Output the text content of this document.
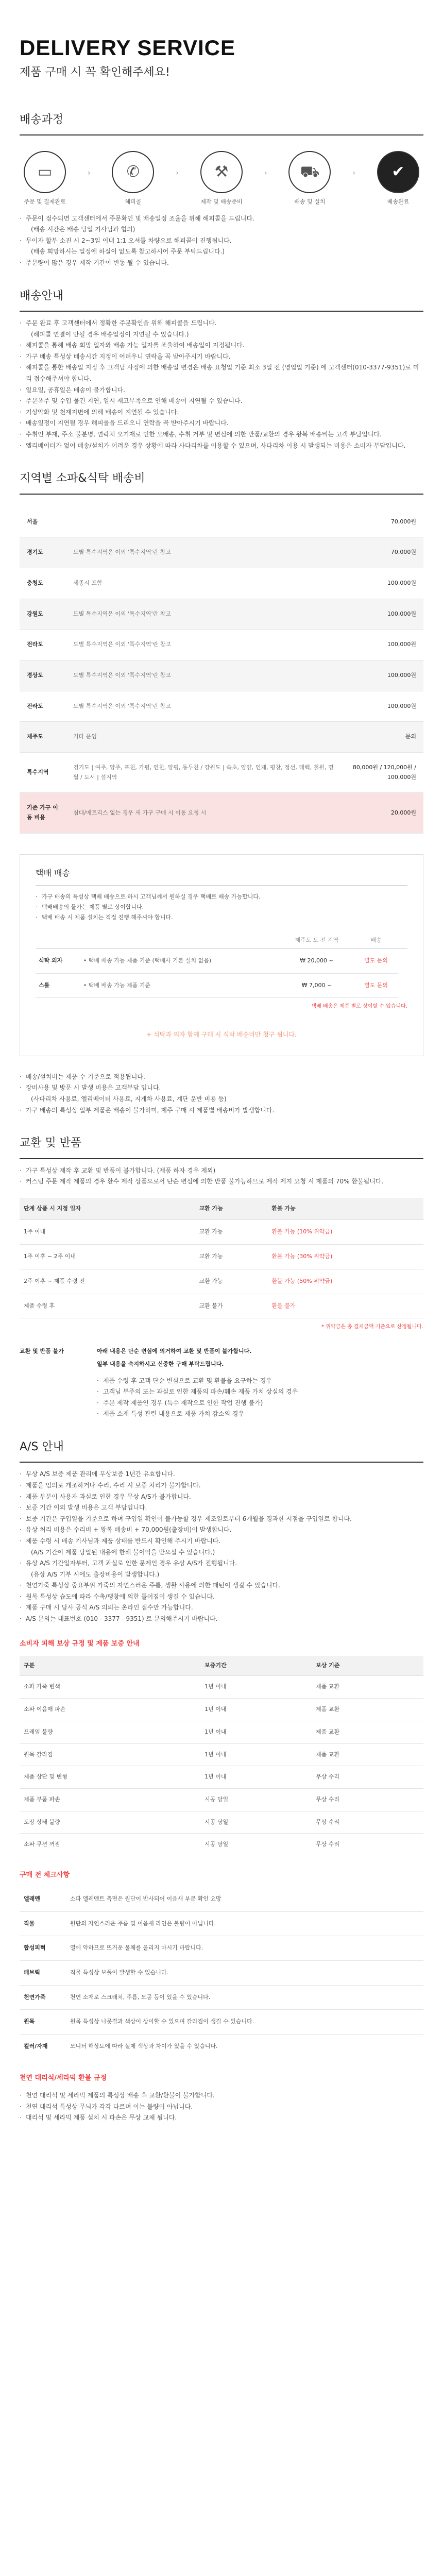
DELIVERY SERVICE
제품 구매 시 꼭 확인해주세요!
배송과정
▭
주문 및 결제완료
›	✆
해피콜
›	⚒
제작 및 배송준비
›	⛟
배송 및 설치
›	✔
배송완료
· 주문이 접수되면 고객센터에서 주문확인 및 배송일정 조율을 위해 해피콜을 드립니다.
(배송 시간은 배송 당일 기사님과 협의)
· 무이자 할부 소진 시 2~3일 이내 1:1 오셔틀 차량으로 해피콜이 진행됩니다.
(배송 희망하시는 일정에 하실이 없도록 참고하시어 주문 부탁드립니다.)
· 주문량이 많은 경우 제작 기간이 변동 될 수 있습니다.
배송안내
· 주문 완료 후 고객센터에서 정확한 주문확인을 위해 해피콜을 드립니다.
(해피콜 연결이 안될 경우 배송일정이 지연될 수 있습니다.)
· 해피콜을 통해 배송 희망 일자와 배송 가능 일자를 조율하여 배송일이 지정됩니다.
· 가구 배송 특성상 배송시간 지정이 어려우니 연락을 꼭 받아주시기 바랍니다.
· 해피콜을 통한 배송일 지정 후 고객님 사정에 의한 배송일 변경은 배송 요청일 기준 최소 3일 전 (영업일 기준) 에 고객센터(010-3377-9351)로 미리 접수해주셔야 합니다.
· 일요일, 공휴일은 배송이 불가합니다.
· 주문폭주 및 수입 물건 지연, 일시 재고부족으로 인해 배송이 지연될 수 있습니다.
· 기상악화 및 천재지변에 의해 배송이 지연될 수 있습니다.
· 배송일정이 지연될 경우 해피콜을 드리오니 연락을 꼭 받아주시기 바랍니다.
· 수취인 부재, 주소 불분명, 연락처 오기재로 인한 오배송, 수취 거부 및 변심에 의한 반품/교환의 경우 왕복 배송비는 고객 부담입니다.
· 엘리베이터가 없어 배송/설치가 어려운 경우 상황에 따라 사다리차를 이용할 수 있으며, 사다리차 이용 시 발생되는 비용은 소비자 부담입니다.
지역별 소파&식탁 배송비
서울		70,000원
경기도	도별 특수지역은 이외 '특수지역'란 참고	70,000원
충청도	세종시 포함	100,000원
강원도	도별 특수지역은 이외 '특수지역'란 참고	100,000원
전라도	도별 특수지역은 이외 '특수지역'란 참고	100,000원
경상도	도별 특수지역은 이외 '특수지역'란 참고	100,000원
전라도	도별 특수지역은 이외 '특수지역'란 참고	100,000원
제주도	기타 운임	문의
특수지역	경기도 | 여주, 양주, 포천, 가평, 연천, 양평, 동두천 / 강원도 | 속초, 양양, 인제, 평창, 정선, 태백, 철원, 영월 / 도서 | 섬지역	80,000원 / 120,000원 / 100,000원
기존 가구 이동 비용	침대/매트리스 없는 경우 새 가구 구매 시 이동 요청 시	20,000원
택배 배송
· 가구 배송의 특성상 택배 배송으로 하시 고객님께서 원하실 경우 택배로 배송 가능합니다.
· 택배배송의 물가는 제품 별로 상이합니다.
· 택배 배송 시 제품 설치는 직접 진행 해주셔야 합니다.
		제주도 도 전 지역	배송	
식탁 의자	• 택배 배송 가능 제품 기준 (택배사 기본 설치 없음)	₩ 20,000 ~	별도 문의	
스툴	• 택배 배송 가능 제품 기준	₩ 7,000 ~	별도 문의	
택배 배송은 제품 별로 상이할 수 있습니다.
+ 식탁과 의자 함께 구매 시 식탁 배송비만 청구 됩니다.
· 배송/설치비는 제품 수 기준으로 적용됩니다.
· 장비사용 및 방문 시 발생 비용은 고객부담 입니다.
(사다리차 사용료, 엘리베이터 사용료, 지게차 사용료, 계단 운반 비용 등)
· 가구 배송의 특성상 일부 제품은 배송이 불가하며, 제주 구매 시 제품별 배송비가 발생합니다.
교환 및 반품
· 가구 특성상 제작 후 교환 및 반품이 불가합니다. (제품 하자 경우 제외)
· 커스텀 주문 제작 제품의 경우 환수 제작 상품으로서 단순 변심에 의한 반품 불가능하므로 제작 제지 요청 시 제품의 70% 환불됩니다.
단계 상품 시 지정 일자		교환 가능	환불 가능
1주 이내		교환 가능	환불 가능 (10% 위약금)
1주 이후 ~ 2주 이내		교환 가능	환불 가능 (30% 위약금)
2주 이후 ~ 제품 수령 전		교환 가능	환불 가능 (50% 위약금)
제품 수령 후		교환 불가	환불 불가
* 위약금은 총 결제금액 기준으로 산정됩니다.
교환 및 반품 불가	아래 내용은 단순 변심에 의거하여 교환 및 반품이 불가합니다.

일부 내용을 숙지하시고 신중한 구매 부탁드립니다.

· 제품 수령 후 고객 단순 변심으로 교환 및 환불을 요구하는 경우
· 고객님 부주의 또는 과실로 인한 제품의 파손/훼손 제품 가치 상실의 경우
· 주문 제작 제품인 경우 (특수 재작으로 인한 작업 진행 불가)
· 제품 소재 특성 관련 내용으로 제품 가치 감소의 경우
A/S 안내
· 무상 A/S 보증 제품 관리에 무상보증 1년간 유효합니다.
· 제품을 임의로 개조하거나 수리, 수리 시 보증 처리가 불가합니다.
· 제품 부분이 사용자 과실로 인한 경우 무상 A/S가 불가합니다.
· 보증 기간 이외 발생 비용은 고객 부담입니다.
· 보증 기간은 구입일을 기준으로 하며 구입일 확인이 불가능할 경우 제조일로부터 6개월을 경과한 시점을 구입일로 합니다.
· 유상 처리 비용은 수리비 + 왕복 배송비 + 70,000원(출장비)이 발생합니다.
· 제품 수령 시 배송 기사님과 제품 상태를 반드시 확인해 주시기 바랍니다.
(A/S 기간이 제품 당일된 내용에 한해 불이익을 받으실 수 있습니다.)
· 유상 A/S 기간일자부터, 고객 과실로 인한 문제인 경우 유상 A/S가 진행됩니다.
(유상 A/S 기부 시에도 출장비용이 발생합니다.)
· 천연가죽 특성상 중요부위 가죽의 자연스러운 주름, 생활 사용에 의한 패턴이 생길 수 있습니다.
· 원목 특성상 습도에 따라 수축/팽창에 의한 틀어짐이 생길 수 있습니다.
· 제품 구매 시 당사 공식 A/S 의뢰는 온라인 접수만 가능합니다.
· A/S 문의는 대표번호 (010 - 3377 - 9351) 로 문의해주시기 바랍니다.
소비자 피해 보상 규정 및 제품 보증 안내
구분	보증기간	보상 기준
소파 가죽 변색	1년 이내	제품 교환
소파 이음매 파손	1년 이내	제품 교환
프레임 불량	1년 이내	제품 교환
원목 갈라짐	1년 이내	제품 교환
제품 상단 및 변형	1년 이내	무상 수리
제품 부품 파손	시공 당일	무상 수리
도장 상태 불량	시공 당일	무상 수리
소파 쿠션 꺼짐	시공 당일	무상 수리
구매 전 체크사항
엘레멘	소파 엘레멘트 측면은 원단이 반사되어 이음새 부분 확인 요망
직물	원단의 자연스러운 주름 및 이음새 라인은 불량이 아닙니다.
합성피혁	열에 약하므로 뜨거운 물체를 올리지 마시기 바랍니다.
패브릭	직물 특성상 보풀이 발생할 수 있습니다.
천연가죽	천연 소재로 스크래치, 주름, 모공 등이 있을 수 있습니다.
원목	원목 특성상 나뭇결과 색상이 상이할 수 있으며 갈라짐이 생길 수 있습니다.
컬러/자재	모니터 해상도에 따라 실제 색상과 차이가 있을 수 있습니다.
천연 대리석/세라믹 환불 규정
· 천연 대리석 및 세라믹 제품의 특성상 배송 후 교환/환불이 불가합니다.
· 천연 대리석 특성상 무늬가 각각 다르며 이는 불량이 아닙니다.
· 대리석 및 세라믹 제품 설치 시 파손은 무상 교체 됩니다.
